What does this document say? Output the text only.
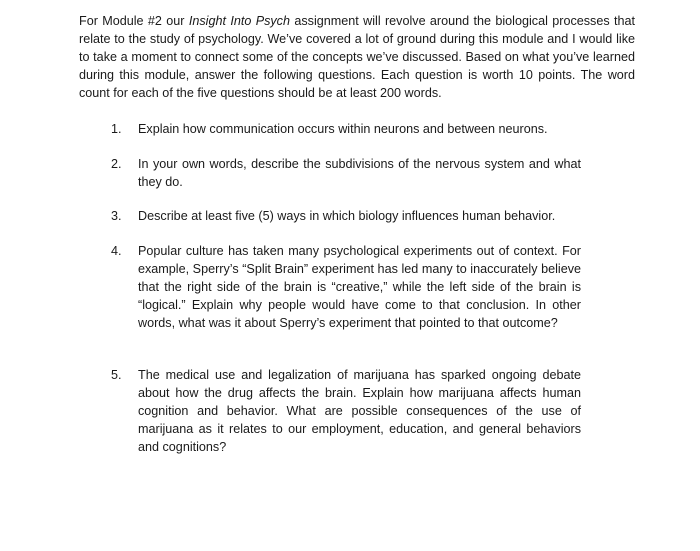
For Module #2 our Insight Into Psych assignment will revolve around the biological processes that relate to the study of psychology. We’ve covered a lot of ground during this module and I would like to take a moment to connect some of the concepts we’ve discussed. Based on what you’ve learned during this module, answer the following questions. Each question is worth 10 points. The word count for each of the five questions should be at least 200 words.

1.	Explain how communication occurs within neurons and between neurons.
2.	In your own words, describe the subdivisions of the nervous system and what they do.
3.	Describe at least five (5) ways in which biology influences human behavior.
4.	Popular culture has taken many psychological experiments out of context. For example, Sperry’s “Split Brain” experiment has led many to inaccurately believe that the right side of the brain is “creative,” while the left side of the brain is “logical.” Explain why people would have come to that conclusion. In other words, what was it about Sperry’s experiment that pointed to that outcome?
5.	The medical use and legalization of marijuana has sparked ongoing debate about how the drug affects the brain. Explain how marijuana affects human cognition and behavior. What are possible consequences of the use of marijuana as it relates to our employment, education, and general behaviors and cognitions?
